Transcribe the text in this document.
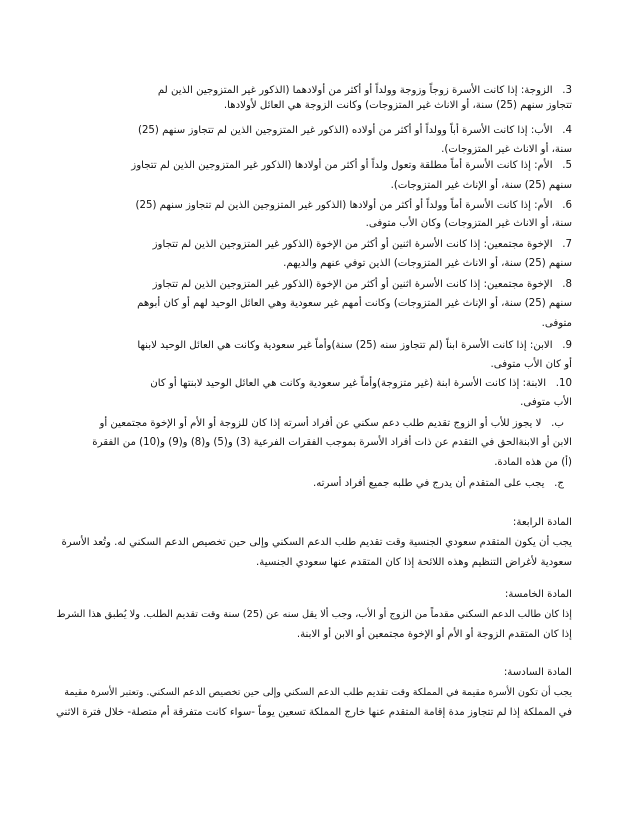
3.   الزوجة: إذا كانت الأسرة زوجاً وزوجة وولداً أو أكثر من أولادهما (الذكور غير المتزوجين الذين لم
تتجاوز سنهم (25) سنة، أو الاناث غير المتزوجات) وكانت الزوجة هي العائل لأولادها.
4.   الأب: إذا كانت الأسرة أباً وولداً أو أكثر من أولاده (الذكور غير المتزوجين الذين لم تتجاوز سنهم (25)
سنة، أو الاناث غير المتزوجات).
5.   الأم: إذا كانت الأسرة أماً مطلقة وتعول ولداً أو أكثر من أولادها (الذكور غير المتزوجين الذين لم تتجاوز
سنهم (25) سنة، أو الإناث غير المتزوجات).
6.   الأم: إذا كانت الأسرة أماً وولداً أو أكثر من أولادها (الذكور غير المتزوجين الذين لم تتجاوز سنهم (25)
سنة، أو الاناث غير المتزوجات) وكان الأب متوفى.
7.   الإخوة مجتمعين: إذا كانت الأسرة اثنين أو أكثر من الإخوة (الذكور غير المتزوجين الذين لم تتجاوز
سنهم (25) سنة، أو الاناث غير المتزوجات) الذين توفي عنهم والديهم.
8.   الإخوة مجتمعين: إذا كانت الأسرة اثنين أو أكثر من الإخوة (الذكور غير المتزوجين الذين لم تتجاوز
سنهم (25) سنة، أو الإناث غير المتزوجات) وكانت أمهم غير سعودية وهي العائل الوحيد لهم أو كان أبوهم
متوفى.
9.   الابن: إذا كانت الأسرة ابناً (لم تتجاوز سنه (25) سنة)وأماً غير سعودية وكانت هي العائل الوحيد لابنها
أو كان الأب متوفى.
10.   الابنة: إذا كانت الأسرة ابنة (غير متزوجة)وأماً غير سعودية وكانت هي العائل الوحيد لابنتها أو كان
الأب متوفى.
ب.   لا يجوز للأب أو الزوج تقديم طلب دعم سكني عن أفراد أسرته إذا كان للزوجة أو الأم أو الإخوة مجتمعين أو
الابن أو الابنةالحق في التقدم عن ذات أفراد الأسرة بموجب الفقرات الفرعية (3) و(5) و(8) و(9) و(10) من الفقرة
(أ) من هذه المادة.
ج.   يجب على المتقدم أن يدرج في طلبه جميع أفراد أسرته.
المادة الرابعة:
يجب أن يكون المتقدم سعودي الجنسية وقت تقديم طلب الدعم السكني وإلى حين تخصيص الدعم السكني له. وتُعد الأسرة
سعودية لأغراض التنظيم وهذه اللائحة إذا كان المتقدم عنها سعودي الجنسية.
المادة الخامسة:
إذا كان طالب الدعم السكني مقدماً من الزوج أو الأب، وجب ألا يقل سنه عن (25) سنة وقت تقديم الطلب. ولا يُطبق هذا الشرط
إذا كان المتقدم الزوجة أو الأم أو الإخوة مجتمعين أو الابن أو الابنة.
المادة السادسة:
يجب أن تكون الأسرة مقيمة في المملكة وقت تقديم طلب الدعم السكني وإلى حين تخصيص الدعم السكني. وتعتبر الأسرة مقيمة
في المملكة إذا لم تتجاوز مدة إقامة المتقدم عنها خارج المملكة تسعين يوماً -سواء كانت متفرقة أم متصلة- خلال فترة الاثني
